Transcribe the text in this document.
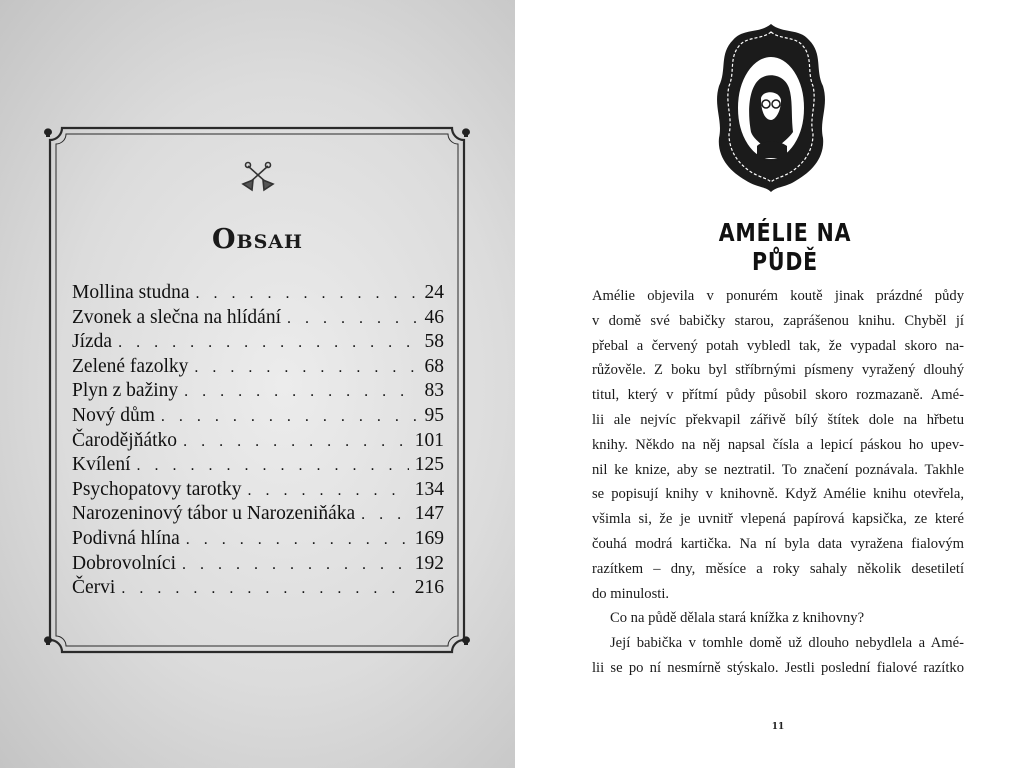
Obsah
Mollina studna . . .	24
Zvonek a slečna na hlídání . . .	46
Jízda . . .	58
Zelené fazolky . . .	68
Plyn z bažiny . . .	83
Nový dům . . .	95
Čarodějňátko . . .	101
Kvílení . . .	125
Psychopatovy tarotky . . .	134
Narozeninový tábor u Narozeniňáka . . .	147
Podivná hlína . . .	169
Dobrovolníci . . .	192
Červi . . .	216
AMÉLIE NA PŮDĚ

Amélie objevila v ponurém koutě jinak prázdné půdy

v domě své babičky starou, zaprášenou knihu. Chyběl jí

přebal a červený potah vybledl tak, že vypadal skoro na-

růžověle. Z boku byl stříbrnými písmeny vyražený dlouhý

titul, který v přítmí půdy působil skoro rozmazaně. Amé-

lii ale nejvíc překvapil zářivě bílý štítek dole na hřbetu

knihy. Někdo na něj napsal čísla a lepicí páskou ho upev-

nil ke knize, aby se neztratil. To značení poznávala. Takhle

se popisují knihy v knihovně. Když Amélie knihu otevřela,

všimla si, že je uvnitř vlepená papírová kapsička, ze které

čouhá modrá kartička. Na ní byla data vyražena fialovým

razítkem – dny, měsíce a roky sahaly několik desetiletí

do minulosti.

Co na půdě dělala stará knížka z knihovny?

Její babička v tomhle domě už dlouho nebydlela a Amé-

lii se po ní nesmírně stýskalo. Jestli poslední fialové razítko

11
